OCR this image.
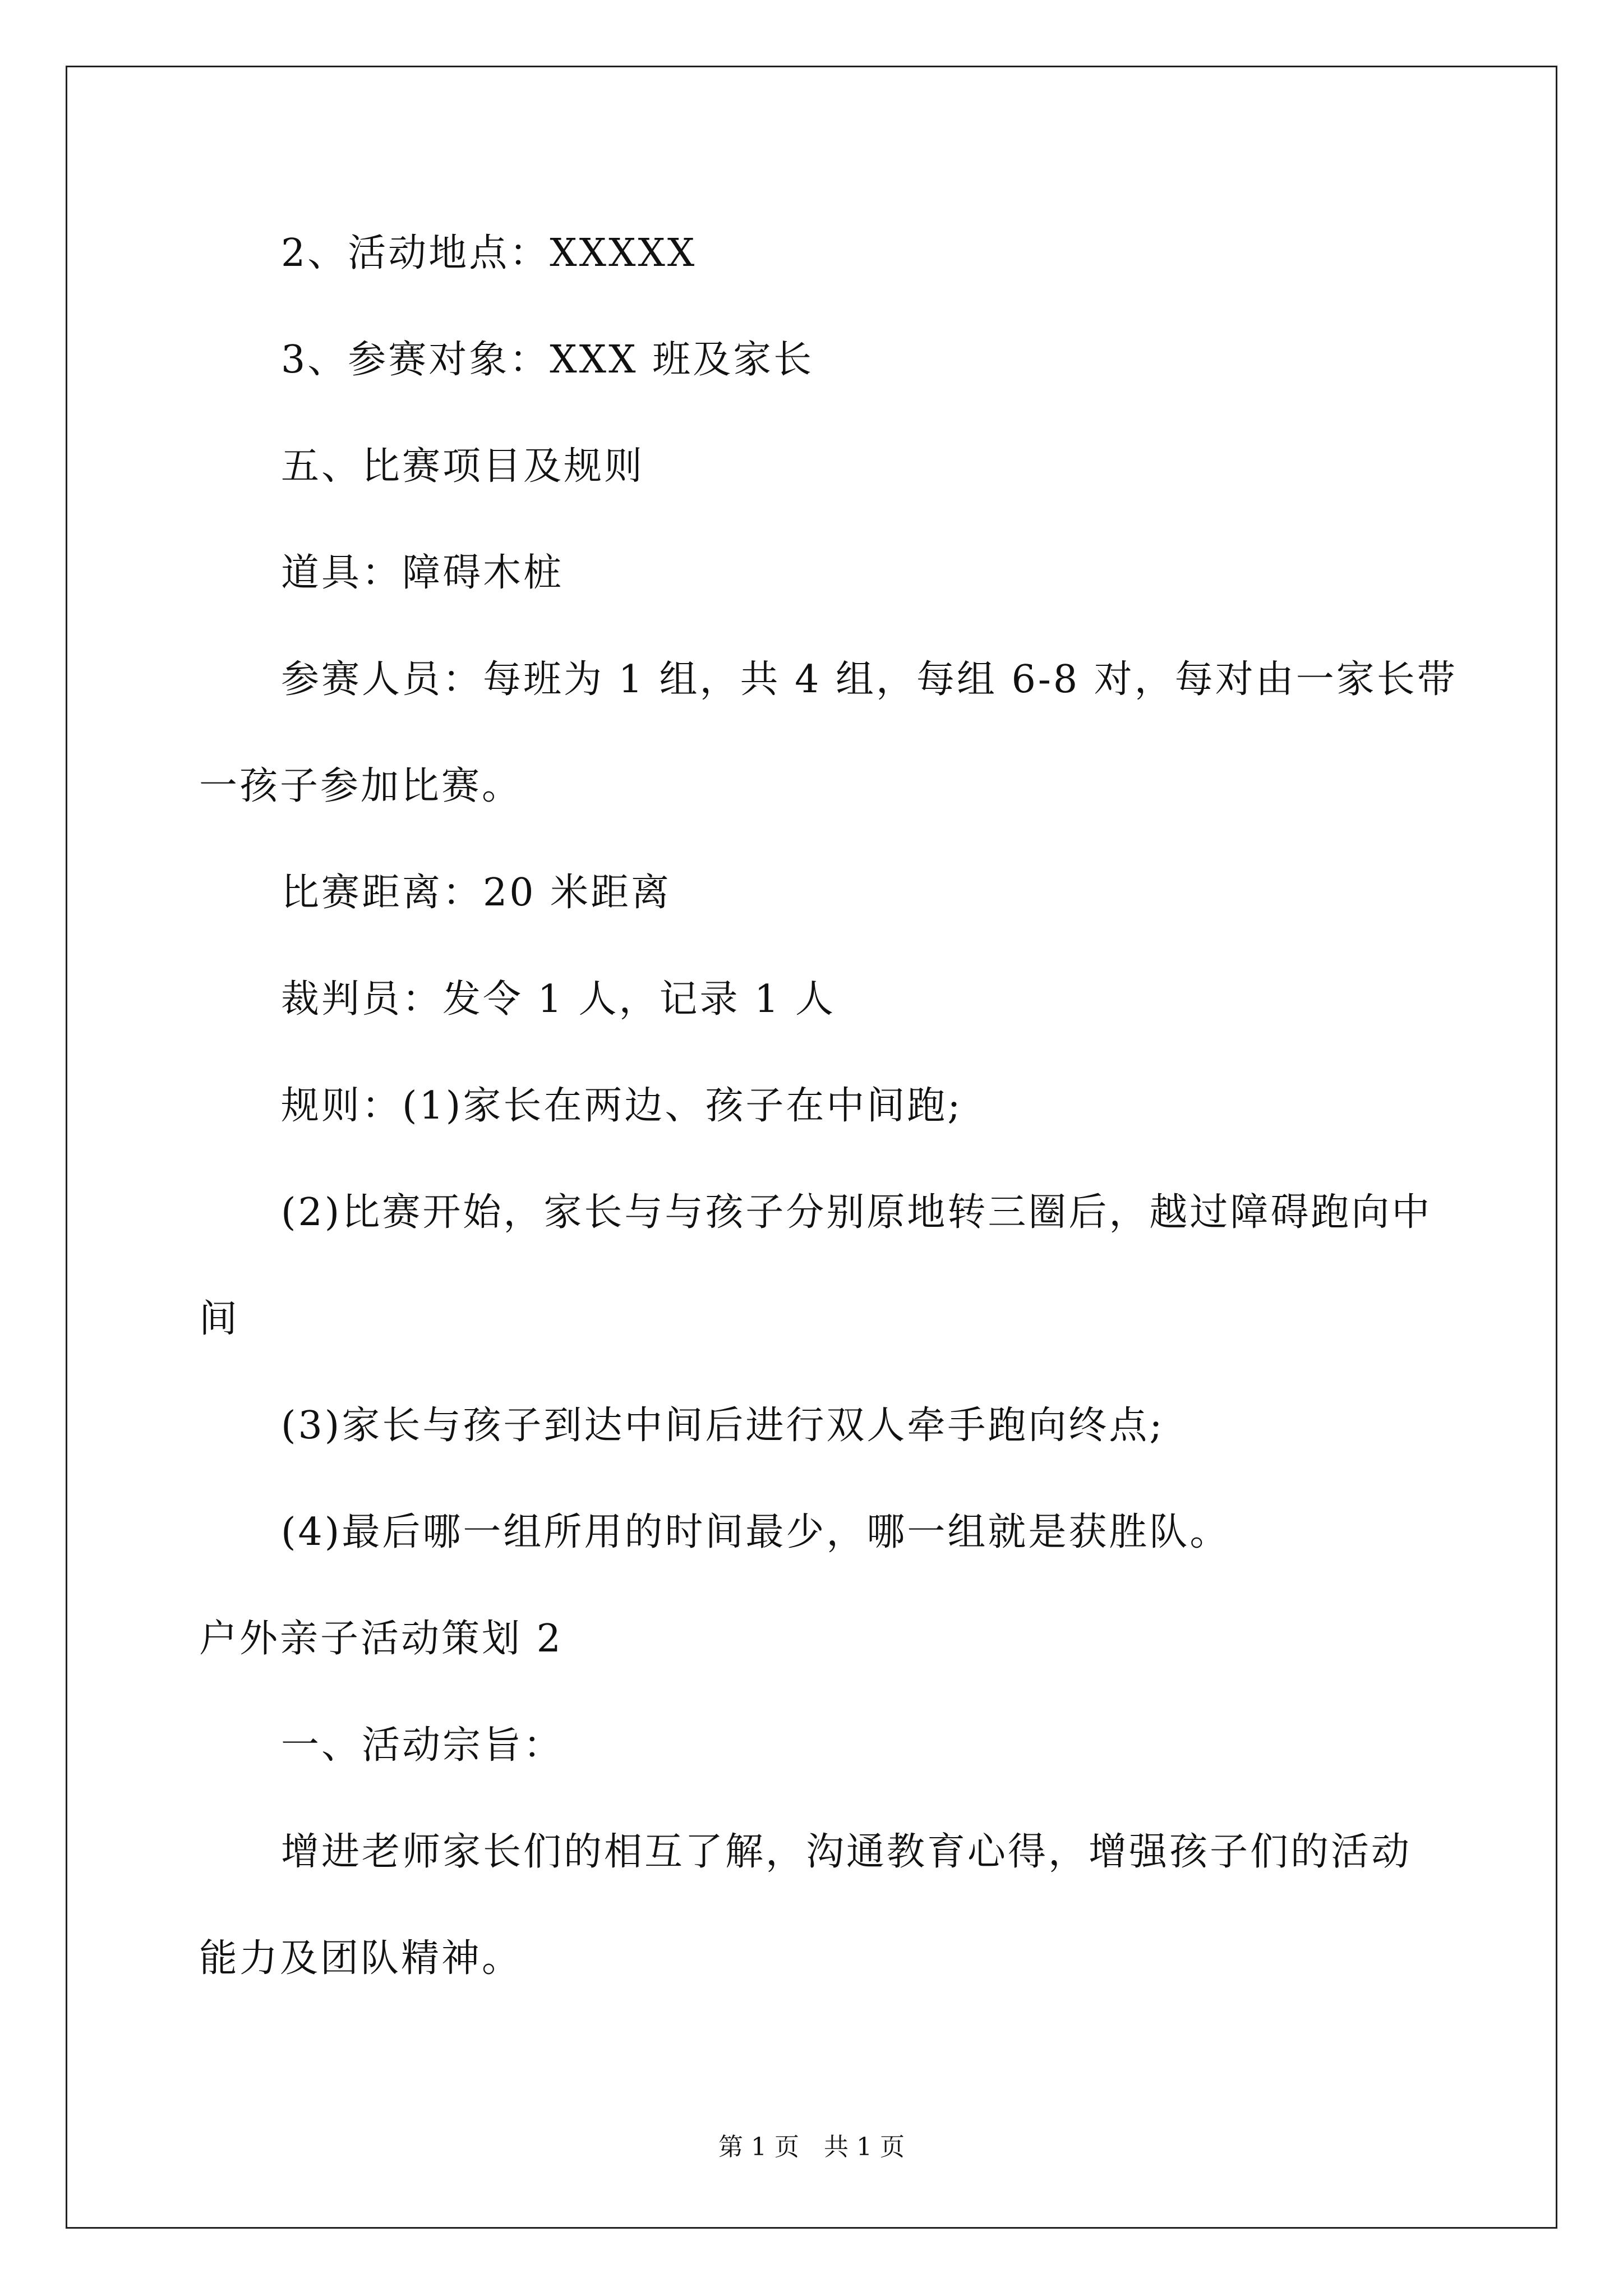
2、活动地点：XXXXX
3、参赛对象：XXX 班及家长
五、比赛项目及规则
道具：障碍木桩
参赛人员：每班为 1 组，共 4 组，每组 6-8 对，每对由一家长带
一孩子参加比赛。
比赛距离：20 米距离
裁判员：发令 1 人，记录 1 人
规则：(1)家长在两边、孩子在中间跑;
(2)比赛开始，家长与与孩子分别原地转三圈后，越过障碍跑向中
间
(3)家长与孩子到达中间后进行双人牵手跑向终点;
(4)最后哪一组所用的时间最少，哪一组就是获胜队。
户外亲子活动策划 2
一、活动宗旨：
增进老师家长们的相互了解，沟通教育心得，增强孩子们的活动
能力及团队精神。
第 1 页　共 1 页
